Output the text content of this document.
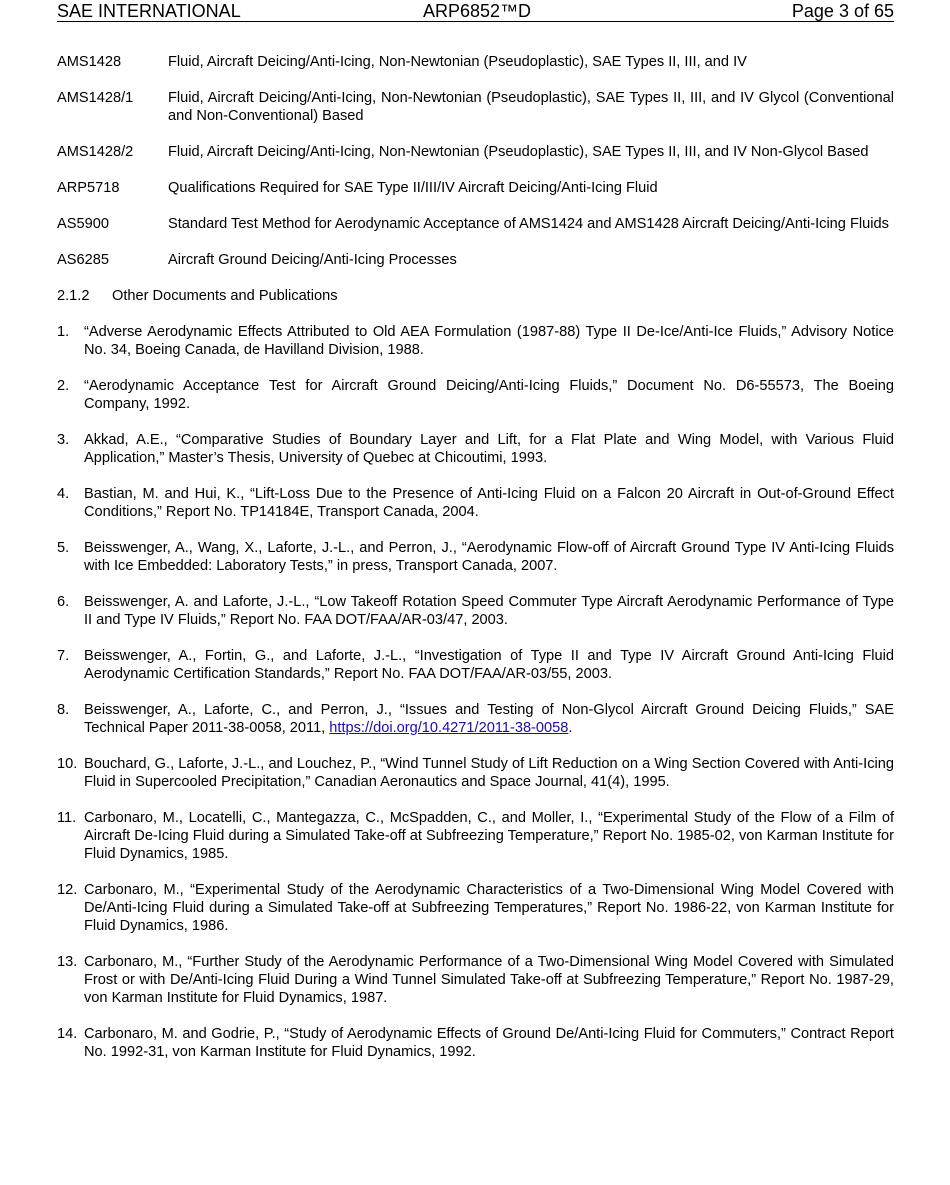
SAE INTERNATIONAL	ARP6852™D	Page 3 of 65
AMS1428	Fluid, Aircraft Deicing/Anti-Icing, Non-Newtonian (Pseudoplastic), SAE Types II, III, and IV
AMS1428/1	Fluid, Aircraft Deicing/Anti-Icing, Non-Newtonian (Pseudoplastic), SAE Types II, III, and IV Glycol (Conventional and Non-Conventional) Based
AMS1428/2	Fluid, Aircraft Deicing/Anti-Icing, Non-Newtonian (Pseudoplastic), SAE Types II, III, and IV Non-Glycol Based
ARP5718	Qualifications Required for SAE Type II/III/IV Aircraft Deicing/Anti-Icing Fluid
AS5900	Standard Test Method for Aerodynamic Acceptance of AMS1424 and AMS1428 Aircraft Deicing/Anti-Icing Fluids
AS6285	Aircraft Ground Deicing/Anti-Icing Processes
2.1.2 Other Documents and Publications
1.	“Adverse Aerodynamic Effects Attributed to Old AEA Formulation (1987-88) Type II De-Ice/Anti-Ice Fluids,” Advisory Notice No. 34, Boeing Canada, de Havilland Division, 1988.
2.	“Aerodynamic Acceptance Test for Aircraft Ground Deicing/Anti-Icing Fluids,” Document No. D6-55573, The Boeing Company, 1992.
3.	Akkad, A.E., “Comparative Studies of Boundary Layer and Lift, for a Flat Plate and Wing Model, with Various Fluid Application,” Master’s Thesis, University of Quebec at Chicoutimi, 1993.
4.	Bastian, M. and Hui, K., “Lift-Loss Due to the Presence of Anti-Icing Fluid on a Falcon 20 Aircraft in Out-of-Ground Effect Conditions,” Report No. TP14184E, Transport Canada, 2004.
5.	Beisswenger, A., Wang, X., Laforte, J.-L., and Perron, J., “Aerodynamic Flow-off of Aircraft Ground Type IV Anti-Icing Fluids with Ice Embedded: Laboratory Tests,” in press, Transport Canada, 2007.
6.	Beisswenger, A. and Laforte, J.-L., “Low Takeoff Rotation Speed Commuter Type Aircraft Aerodynamic Performance of Type II and Type IV Fluids,” Report No. FAA DOT/FAA/AR-03/47, 2003.
7.	Beisswenger, A., Fortin, G., and Laforte, J.-L., “Investigation of Type II and Type IV Aircraft Ground Anti-Icing Fluid Aerodynamic Certification Standards,” Report No. FAA DOT/FAA/AR-03/55, 2003.
8.	Beisswenger, A., Laforte, C., and Perron, J., “Issues and Testing of Non-Glycol Aircraft Ground Deicing Fluids,” SAE Technical Paper 2011-38-0058, 2011, https://doi.org/10.4271/2011-38-0058.
10. Bouchard, G., Laforte, J.-L., and Louchez, P., “Wind Tunnel Study of Lift Reduction on a Wing Section Covered with Anti-Icing Fluid in Supercooled Precipitation,” Canadian Aeronautics and Space Journal, 41(4), 1995.
11. Carbonaro, M., Locatelli, C., Mantegazza, C., McSpadden, C., and Moller, I., “Experimental Study of the Flow of a Film of Aircraft De-Icing Fluid during a Simulated Take-off at Subfreezing Temperature,” Report No. 1985-02, von Karman Institute for Fluid Dynamics, 1985.
12. Carbonaro, M., “Experimental Study of the Aerodynamic Characteristics of a Two-Dimensional Wing Model Covered with De/Anti-Icing Fluid during a Simulated Take-off at Subfreezing Temperatures,” Report No. 1986-22, von Karman Institute for Fluid Dynamics, 1986.
13. Carbonaro, M., “Further Study of the Aerodynamic Performance of a Two-Dimensional Wing Model Covered with Simulated Frost or with De/Anti-Icing Fluid During a Wind Tunnel Simulated Take-off at Subfreezing Temperature,” Report No. 1987-29, von Karman Institute for Fluid Dynamics, 1987.
14. Carbonaro, M. and Godrie, P., “Study of Aerodynamic Effects of Ground De/Anti-Icing Fluid for Commuters,” Contract Report No. 1992-31, von Karman Institute for Fluid Dynamics, 1992.
